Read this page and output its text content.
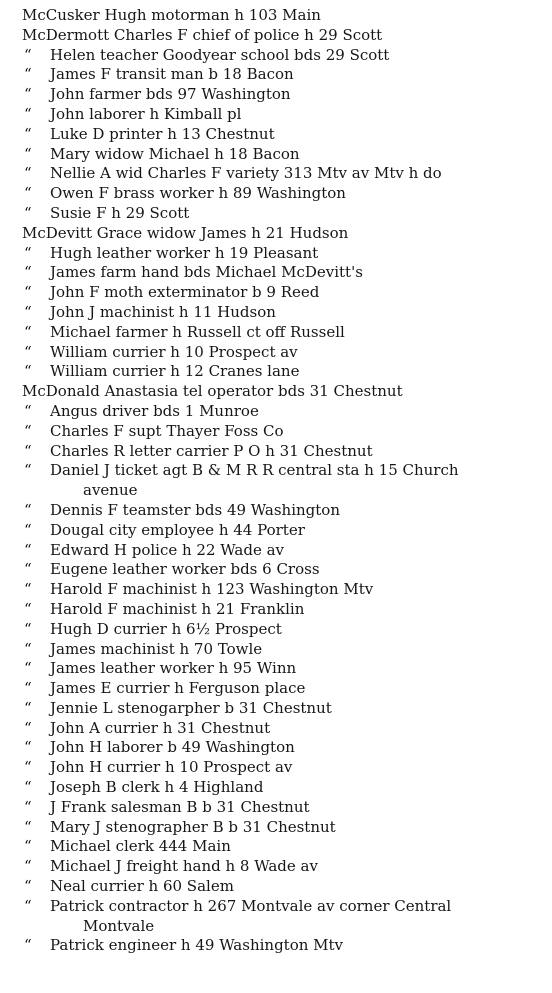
McCusker Hugh motorman h 103 Main
McDermott Charles F chief of police h 29 Scott
“ Helen teacher Goodyear school bds 29 Scott
“ James F transit man b 18 Bacon
“ John farmer bds 97 Washington
“ John laborer h Kimball pl
“ Luke D printer h 13 Chestnut
“ Mary widow Michael h 18 Bacon
“ Nellie A wid Charles F variety 313 Mtv av Mtv h do
“ Owen F brass worker h 89 Washington
“ Susie F h 29 Scott
McDevitt Grace widow James h 21 Hudson
“ Hugh leather worker h 19 Pleasant
“ James farm hand bds Michael McDevitt's
“ John F moth exterminator b 9 Reed
“ John J machinist h 11 Hudson
“ Michael farmer h Russell ct off Russell
“ William currier h 10 Prospect av
“ William currier h 12 Cranes lane
McDonald Anastasia tel operator bds 31 Chestnut
“ Angus driver bds 1 Munroe
“ Charles F supt Thayer Foss Co
“ Charles R letter carrier P O h 31 Chestnut
“ Daniel J ticket agt B & M R R central sta h 15 Church
avenue
“ Dennis F teamster bds 49 Washington
“ Dougal city employee h 44 Porter
“ Edward H police h 22 Wade av
“ Eugene leather worker bds 6 Cross
“ Harold F machinist h 123 Washington Mtv
“ Harold F machinist h 21 Franklin
“ Hugh D currier h 6½ Prospect
“ James machinist h 70 Towle
“ James leather worker h 95 Winn
“ James E currier h Ferguson place
“ Jennie L stenogarpher b 31 Chestnut
“ John A currier h 31 Chestnut
“ John H laborer b 49 Washington
“ John H currier h 10 Prospect av
“ Joseph B clerk h 4 Highland
“ J Frank salesman B b 31 Chestnut
“ Mary J stenographer B b 31 Chestnut
“ Michael clerk 444 Main
“ Michael J freight hand h 8 Wade av
“ Neal currier h 60 Salem
“ Patrick contractor h 267 Montvale av corner Central
Montvale
“ Patrick engineer h 49 Washington Mtv
